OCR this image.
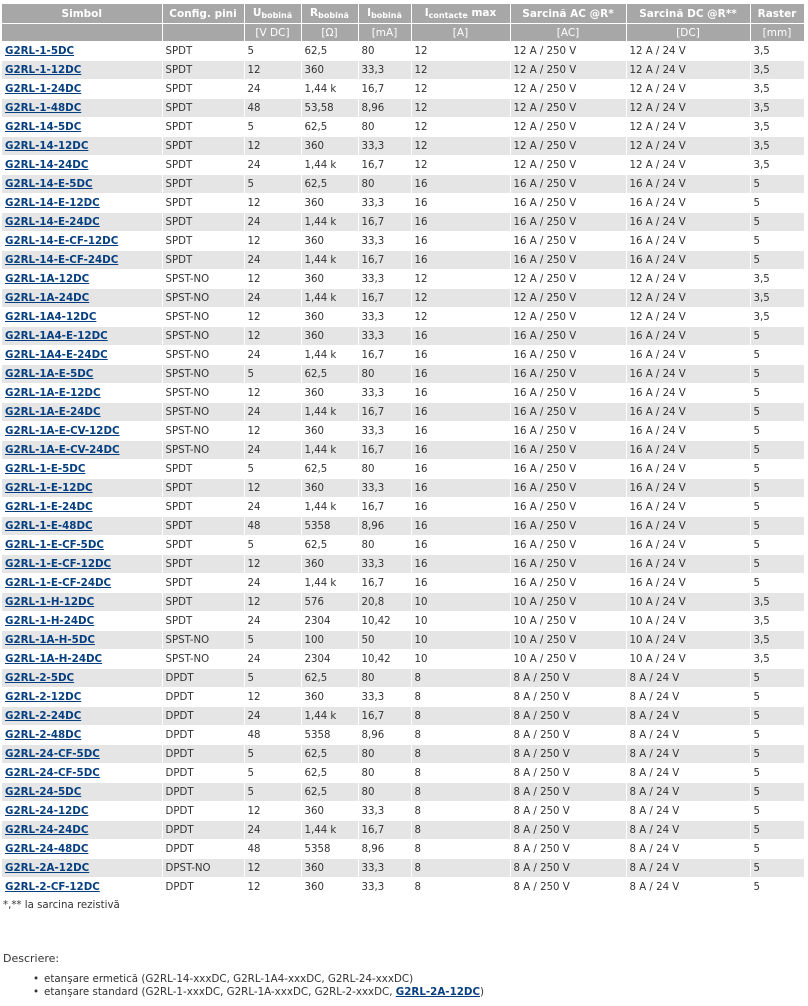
Simbol	Config. pini	$U_{bobină}$	$R_{bobină}$	$I_{bobină}$	$I_{contacte}$ max	Sarcină AC @R*	Sarcină DC @R**	Raster
		[V DC]	[Ω]	[mA]	[A]	[AC]	[DC]	[mm]
G2RL-1-5DC	SPDT	5	62,5	80	12	12 A / 250 V	12 A / 24 V	3,5
G2RL-1-12DC	SPDT	12	360	33,3	12	12 A / 250 V	12 A / 24 V	3,5
G2RL-1-24DC	SPDT	24	1,44 k	16,7	12	12 A / 250 V	12 A / 24 V	3,5
G2RL-1-48DC	SPDT	48	53,58	8,96	12	12 A / 250 V	12 A / 24 V	3,5
G2RL-14-5DC	SPDT	5	62,5	80	12	12 A / 250 V	12 A / 24 V	3,5
G2RL-14-12DC	SPDT	12	360	33,3	12	12 A / 250 V	12 A / 24 V	3,5
G2RL-14-24DC	SPDT	24	1,44 k	16,7	12	12 A / 250 V	12 A / 24 V	3,5
G2RL-14-E-5DC	SPDT	5	62,5	80	16	16 A / 250 V	16 A / 24 V	5
G2RL-14-E-12DC	SPDT	12	360	33,3	16	16 A / 250 V	16 A / 24 V	5
G2RL-14-E-24DC	SPDT	24	1,44 k	16,7	16	16 A / 250 V	16 A / 24 V	5
G2RL-14-E-CF-12DC	SPDT	12	360	33,3	16	16 A / 250 V	16 A / 24 V	5
G2RL-14-E-CF-24DC	SPDT	24	1,44 k	16,7	16	16 A / 250 V	16 A / 24 V	5
G2RL-1A-12DC	SPST-NO	12	360	33,3	12	12 A / 250 V	12 A / 24 V	3,5
G2RL-1A-24DC	SPST-NO	24	1,44 k	16,7	12	12 A / 250 V	12 A / 24 V	3,5
G2RL-1A4-12DC	SPST-NO	12	360	33,3	12	12 A / 250 V	12 A / 24 V	3,5
G2RL-1A4-E-12DC	SPST-NO	12	360	33,3	16	16 A / 250 V	16 A / 24 V	5
G2RL-1A4-E-24DC	SPST-NO	24	1,44 k	16,7	16	16 A / 250 V	16 A / 24 V	5
G2RL-1A-E-5DC	SPST-NO	5	62,5	80	16	16 A / 250 V	16 A / 24 V	5
G2RL-1A-E-12DC	SPST-NO	12	360	33,3	16	16 A / 250 V	16 A / 24 V	5
G2RL-1A-E-24DC	SPST-NO	24	1,44 k	16,7	16	16 A / 250 V	16 A / 24 V	5
G2RL-1A-E-CV-12DC	SPST-NO	12	360	33,3	16	16 A / 250 V	16 A / 24 V	5
G2RL-1A-E-CV-24DC	SPST-NO	24	1,44 k	16,7	16	16 A / 250 V	16 A / 24 V	5
G2RL-1-E-5DC	SPDT	5	62,5	80	16	16 A / 250 V	16 A / 24 V	5
G2RL-1-E-12DC	SPDT	12	360	33,3	16	16 A / 250 V	16 A / 24 V	5
G2RL-1-E-24DC	SPDT	24	1,44 k	16,7	16	16 A / 250 V	16 A / 24 V	5
G2RL-1-E-48DC	SPDT	48	5358	8,96	16	16 A / 250 V	16 A / 24 V	5
G2RL-1-E-CF-5DC	SPDT	5	62,5	80	16	16 A / 250 V	16 A / 24 V	5
G2RL-1-E-CF-12DC	SPDT	12	360	33,3	16	16 A / 250 V	16 A / 24 V	5
G2RL-1-E-CF-24DC	SPDT	24	1,44 k	16,7	16	16 A / 250 V	16 A / 24 V	5
G2RL-1-H-12DC	SPDT	12	576	20,8	10	10 A / 250 V	10 A / 24 V	3,5
G2RL-1-H-24DC	SPDT	24	2304	10,42	10	10 A / 250 V	10 A / 24 V	3,5
G2RL-1A-H-5DC	SPST-NO	5	100	50	10	10 A / 250 V	10 A / 24 V	3,5
G2RL-1A-H-24DC	SPST-NO	24	2304	10,42	10	10 A / 250 V	10 A / 24 V	3,5
G2RL-2-5DC	DPDT	5	62,5	80	8	8 A / 250 V	8 A / 24 V	5
G2RL-2-12DC	DPDT	12	360	33,3	8	8 A / 250 V	8 A / 24 V	5
G2RL-2-24DC	DPDT	24	1,44 k	16,7	8	8 A / 250 V	8 A / 24 V	5
G2RL-2-48DC	DPDT	48	5358	8,96	8	8 A / 250 V	8 A / 24 V	5
G2RL-24-CF-5DC	DPDT	5	62,5	80	8	8 A / 250 V	8 A / 24 V	5
G2RL-24-CF-5DC	DPDT	5	62,5	80	8	8 A / 250 V	8 A / 24 V	5
G2RL-24-5DC	DPDT	5	62,5	80	8	8 A / 250 V	8 A / 24 V	5
G2RL-24-12DC	DPDT	12	360	33,3	8	8 A / 250 V	8 A / 24 V	5
G2RL-24-24DC	DPDT	24	1,44 k	16,7	8	8 A / 250 V	8 A / 24 V	5
G2RL-24-48DC	DPDT	48	5358	8,96	8	8 A / 250 V	8 A / 24 V	5
G2RL-2A-12DC	DPST-NO	12	360	33,3	8	8 A / 250 V	8 A / 24 V	5
G2RL-2-CF-12DC	DPDT	12	360	33,3	8	8 A / 250 V	8 A / 24 V	5
*,** la sarcina rezistivă
Descriere:
• etanşare ermetică (G2RL-14-xxxDC, G2RL-1A4-xxxDC, G2RL-24-xxxDC)
• etanşare standard (G2RL-1-xxxDC, G2RL-1A-xxxDC, G2RL-2-xxxDC, G2RL-2A-12DC)
